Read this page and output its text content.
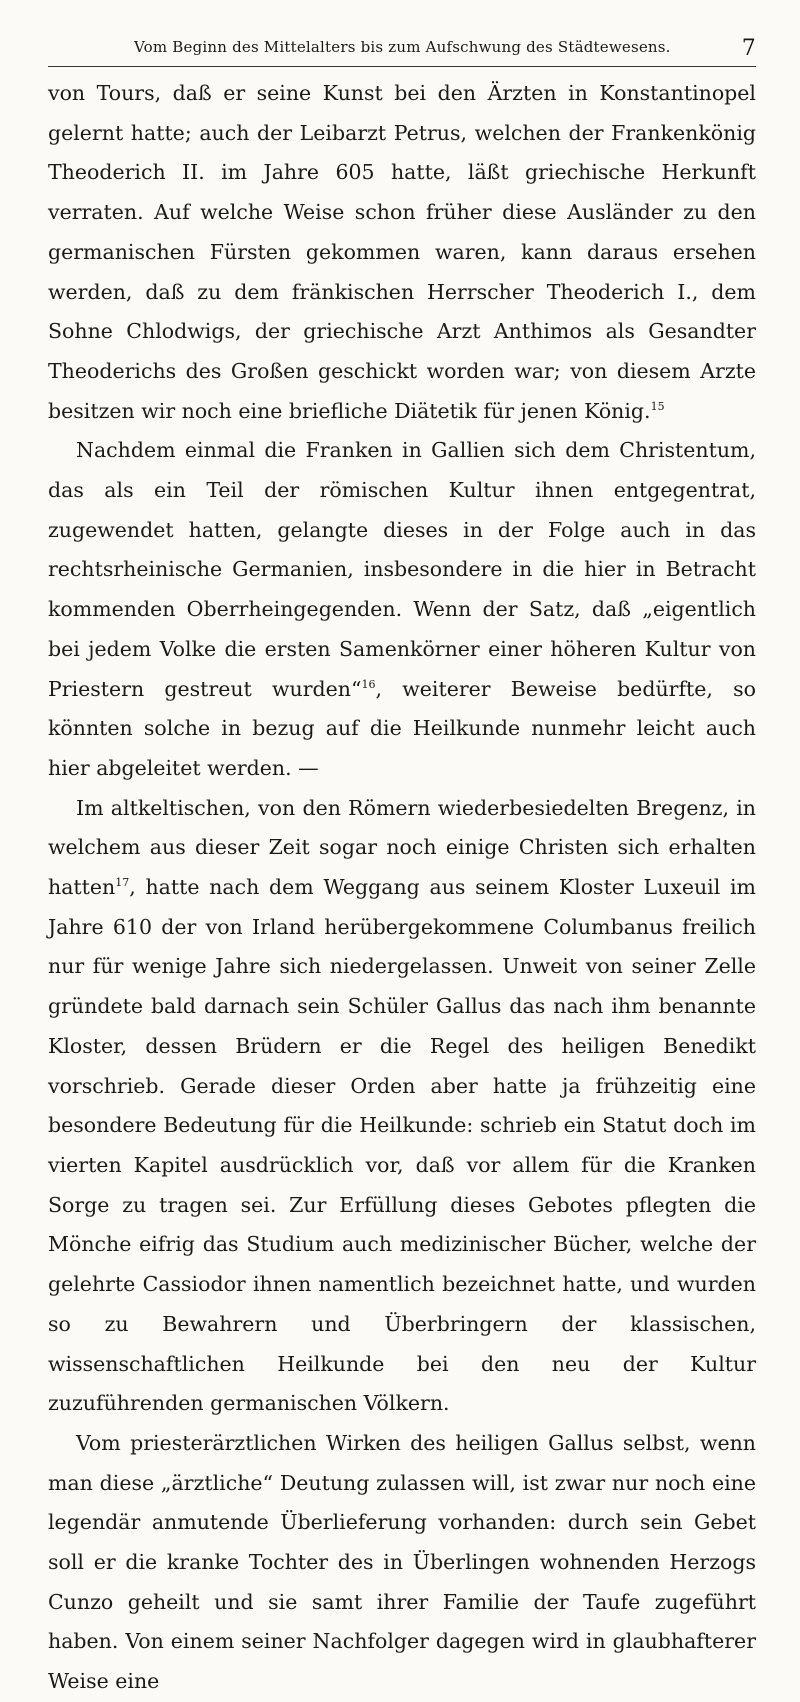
Vom Beginn des Mittelalters bis zum Aufschwung des Städtewesens.	7

von Tours, daß er seine Kunst bei den Ärzten in Konstantinopel gelernt hatte; auch der Leibarzt Petrus, welchen der Frankenkönig Theoderich II. im Jahre 605 hatte, läßt griechische Herkunft verraten. Auf welche Weise schon früher diese Ausländer zu den germanischen Fürsten gekommen waren, kann daraus ersehen werden, daß zu dem fränkischen Herrscher Theoderich I., dem Sohne Chlodwigs, der griechische Arzt Anthimos als Gesandter Theoderichs des Großen geschickt worden war; von diesem Arzte besitzen wir noch eine briefliche Diätetik für jenen König.$^{15}$

Nachdem einmal die Franken in Gallien sich dem Christentum, das als ein Teil der römischen Kultur ihnen entgegentrat, zugewendet hatten, gelangte dieses in der Folge auch in das rechtsrheinische Germanien, insbesondere in die hier in Betracht kommenden Oberrheingegenden. Wenn der Satz, daß „eigentlich bei jedem Volke die ersten Samenkörner einer höheren Kultur von Priestern gestreut wurden“$^{16}$, weiterer Beweise bedürfte, so könnten solche in bezug auf die Heilkunde nunmehr leicht auch hier abgeleitet werden. —

Im altkeltischen, von den Römern wiederbesiedelten Bregenz, in welchem aus dieser Zeit sogar noch einige Christen sich erhalten hatten$^{17}$, hatte nach dem Weggang aus seinem Kloster Luxeuil im Jahre 610 der von Irland herübergekommene Columbanus freilich nur für wenige Jahre sich niedergelassen. Unweit von seiner Zelle gründete bald darnach sein Schüler Gallus das nach ihm benannte Kloster, dessen Brüdern er die Regel des heiligen Benedikt vorschrieb. Gerade dieser Orden aber hatte ja frühzeitig eine besondere Bedeutung für die Heilkunde: schrieb ein Statut doch im vierten Kapitel ausdrücklich vor, daß vor allem für die Kranken Sorge zu tragen sei. Zur Erfüllung dieses Gebotes pflegten die Mönche eifrig das Studium auch medizinischer Bücher, welche der gelehrte Cassiodor ihnen namentlich bezeichnet hatte, und wurden so zu Bewahrern und Überbringern der klassischen, wissenschaftlichen Heilkunde bei den neu der Kultur zuzuführenden germanischen Völkern.

Vom priesterärztlichen Wirken des heiligen Gallus selbst, wenn man diese „ärztliche“ Deutung zulassen will, ist zwar nur noch eine legendär anmutende Überlieferung vorhanden: durch sein Gebet soll er die kranke Tochter des in Überlingen wohnenden Herzogs Cunzo geheilt und sie samt ihrer Familie der Taufe zugeführt haben. Von einem seiner Nachfolger dagegen wird in glaubhafterer Weise eine
